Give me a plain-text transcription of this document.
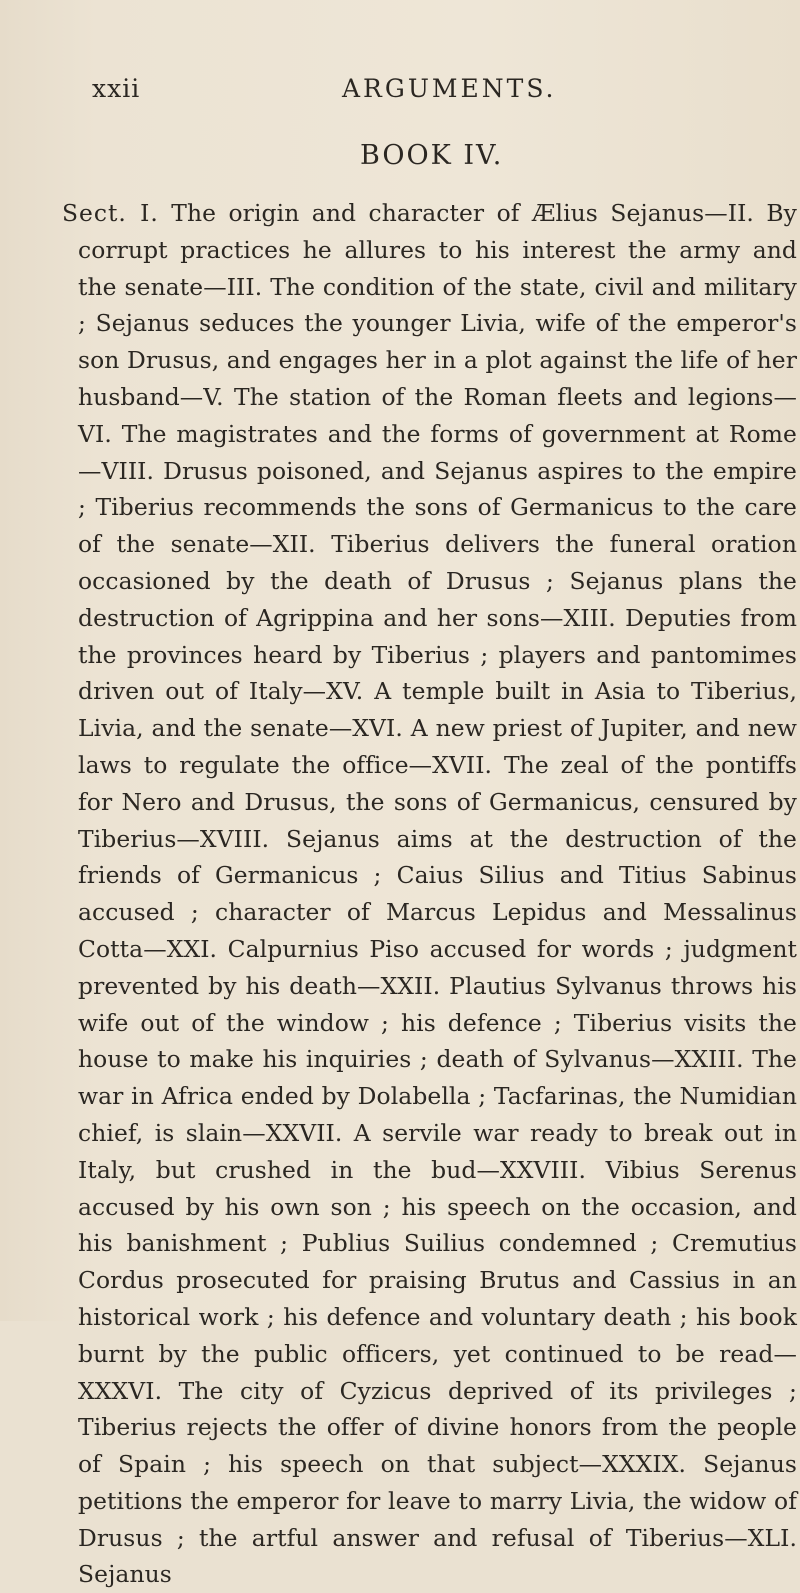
xxii	ARGUMENTS.
BOOK IV.

Sect. I. The origin and character of Ælius Sejanus—II. By corrupt practices he allures to his interest the army and the senate—III. The condition of the state, civil and military ; Sejanus seduces the younger Livia, wife of the emperor's son Drusus, and engages her in a plot against the life of her husband—V. The station of the Roman fleets and legions—VI. The magistrates and the forms of government at Rome—VIII. Drusus poisoned, and Sejanus aspires to the empire ; Tiberius recommends the sons of Germanicus to the care of the senate—XII. Tiberius delivers the funeral oration occasioned by the death of Drusus ; Sejanus plans the destruction of Agrippina and her sons—XIII. Deputies from the provinces heard by Tiberius ; players and pantomimes driven out of Italy—XV. A temple built in Asia to Tiberius, Livia, and the senate—XVI. A new priest of Jupiter, and new laws to regulate the office—XVII. The zeal of the pontiffs for Nero and Drusus, the sons of Germanicus, censured by Tiberius—XVIII. Sejanus aims at the destruction of the friends of Germanicus ; Caius Silius and Titius Sabinus accused ; character of Marcus Lepidus and Messalinus Cotta—XXI. Calpurnius Piso accused for words ; judgment prevented by his death—XXII. Plautius Sylvanus throws his wife out of the window ; his defence ; Tiberius visits the house to make his inquiries ; death of Sylvanus—XXIII. The war in Africa ended by Dolabella ; Tacfarinas, the Numidian chief, is slain—XXVII. A servile war ready to break out in Italy, but crushed in the bud—XXVIII. Vibius Serenus accused by his own son ; his speech on the occasion, and his banishment ; Publius Suilius condemned ; Cremutius Cordus prosecuted for praising Brutus and Cassius in an historical work ; his defence and voluntary death ; his book burnt by the public officers, yet continued to be read—XXXVI. The city of Cyzicus deprived of its privileges ; Tiberius rejects the offer of divine honors from the people of Spain ; his speech on that subject—XXXIX. Sejanus petitions the emperor for leave to marry Livia, the widow of Drusus ; the artful answer and refusal of Tiberius—XLI. Sejanus
